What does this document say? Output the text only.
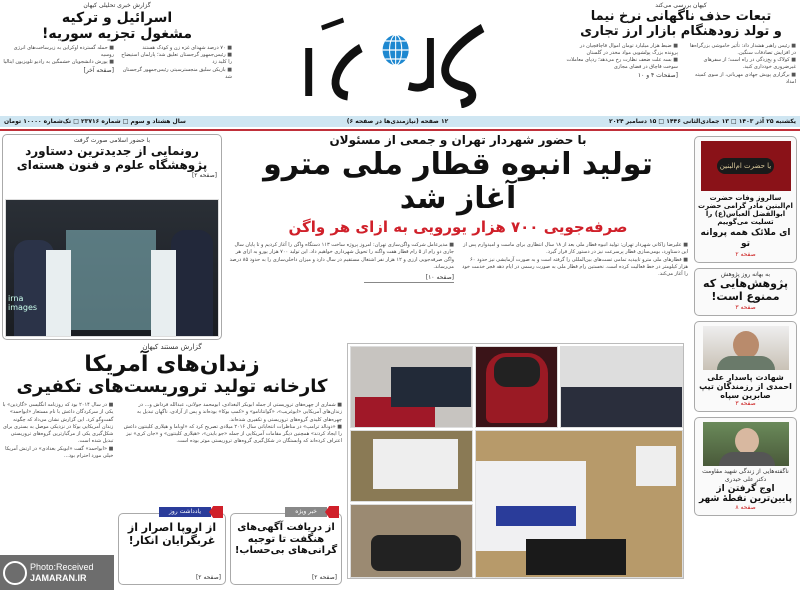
کیهان بررسی می‌کند
تبعات حذف ناگهانی نرخ نیما
و تولد زودهنگام بازار ارز تجاری
■ رئیس راهبر هشدار داد: تأثیر خاموشی بزرگراه‌ها در افزایش تصادفات سنگین.
■ کولاک و یخ‌زدگی در راه است؛ از سفرهای غیرضروری خودداری کنید.
■ برگزاری پویش جهادی مهربانی، از سوی کمیته امداد
■ ضبط هزار میلیارد تومان اموال قاچاقچیان در پرونده بزرگ پولشویی مواد مخدر در گلستان
■ بسه علت ضعف نظارت رخ می‌دهد؛ ردپای معاملات سوخت قاچاق در فضای مجازی
[صفحات ۴ و ۱۰
گزارش خبری تحلیلی کیهان
اسرائیل و ترکیه
مشغول تجزیه سوریه!
■ ۷۰ درصد شهدای غزه زن و کودک هستند
■ رئیس‌جمهور گرجستان تعلیق شد؛ پارلمان استیضاح را کلید زد
■ بازیکن سلیق منجسترسیتی رئیس‌جمهور گرجستان شد
■ حمله گسترده اوکراین به زیرساخت‌های انرژی روسیه
■ یورش دانشجویان خشمگین به رادیو تلویزیون ایتالیا
[صفحه آخر]
یکشنبه ۲۵ آذر ۱۴۰۳ □ ۱۳ جمادی‌الثانی ۱۴۴۶ □ ۱۵ دسامبر ۲۰۲۴
۱۲ صفحه (نیازمندی‌ها در صفحه ۶)
سال هشتاد و سوم □ شماره ۲۳۷۱۶ □ تک‌شماره ۱۰۰۰۰ تومان
با حضور اسلامی صورت گرفت
رونمایی از جدیدترین دستاورد
پژوهشگاه علوم و فنون هسته‌ای
[صفحه ۲]
irna images
با حضور شهردار تهران و جمعی از مسئولان
تولید انبوه قطار ملی مترو
آغاز شد
صرفه‌جویی ۷۰۰ هزار یورویی به ازای هر واگن
■ علیرضا زاکانی شهردار تهران: تولید انبوه قطار ملی بعد از ۱۸ سال انتظاری برای ماست و امیدوارم پس از این دستاورد، بومی‌سازی قطار پرسرعت نیز در دستور کار قرار گیرد.
■ قطارهای ملی مترو تاییدیه تمامی تست‌های بین‌المللی را گرفته است و به صورت آزمایشی نیز حدود ۶۰ هزار کیلومتر در خط فعالیت کرده است. نخستین رام قطار ملی به صورت رسمی در ایام دهه فجر خدمت خود را آغاز می‌کند.
■ مدیرعامل شرکت واگن‌سازی تهران: امروز پروژه ساخت ۱۱۳ دستگاه واگن را آغاز کردیم و تا پایان سال جاری دو رام از ۵ رام قطار هفت واگنه را تحویل شهرداری خواهیم داد. این تولید ۷۰۰ هزار یورو به ازای هر واگن صرفه‌جویی ارزی و ۱۲ هزار نفر اشتغال مستقیم در سال دارد و میزان داخلی‌سازی را به حدود ۸۵ درصد می‌رساند.
[صفحه ۱۰]
گزارش مستند کیهان
زندان‌های آمریکا
کارخانه تولید تروریست‌های تکفیری
■ شماری از چهره‌های تروریستی از جمله ابوبکر البغدادی، ابومحمد جولانی، عبدالله فرداش و... در زندان‌های آمریکایی «ابوغریب»، «گوانتانامو» و «کمپ بوکا» بوده‌اند و پس از آزادی، ناگهان تبدیل به چهره‌های کلیدی گروه‌های تروریستی و تکفیری شده‌اند.
■ «دونالد ترامپ» در مناظرات انتخاباتی سال ۲۰۱۶ میلادی تصریح کرد که «اوباما و هیلاری کلینتون داعش را ایجاد کردند» همچنین دیگر مقامات آمریکایی از جمله «جو بایدن»، «هیلاری کلینتون» و «جان کری» نیز اعتراف کرده‌اند که وابستگان در شکل‌گیری گروه‌های تروریستی موثر بوده است.
■ در سال ۲۰۱۴ بود که روزنامه انگلیسی «گاردین» با یکی از سرکردگان داعش با نام مستعار «ابواحمد» گفت‌وگو کرد. این گزارش نشان می‌داد که چگونه زندان آمریکایی بوکا در نزدیکی موصل به بستری برای شکل‌گیری یکی از مرگبارترین گروه‌های تروریستی تبدیل شده است.
■ «ابواحمد» گفت «ابوبکر بغدادی» در ارتش آمریکا خیلی مورد احترام بود...
خبر ویژه
از دریافت آگهی‌های هنگفت تا توجیه گرانی‌های بی‌حساب!
[صفحه ۲]
یادداشت روز
از اروپا اصرار از غربگرایان انکار!
[صفحه ۲]
Photo:Received
JAMARAN.IR
یا حضرت ام‌البنین
سالروز وفات حضرت ام‌البنین مادر گرامی حضرت ابوالفضل العباس(ع) را تسلیت می‌گوییم
ای ملائک همه پروانه تو
صفحه ۲
به بهانه روز پژوهش
پژوهش‌هایی که ممنوع است!
صفحه ۳
شهادت پاسدار علی احمدی از رزمندگان تیپ صابرین سپاه
صفحه ۳
ناگفته‌هایی از زندگی شهید مقاومت دکتر علی حیدری
اوج گرفتن از پایین‌ترین نقطهٔ شهر
صفحه ۸
